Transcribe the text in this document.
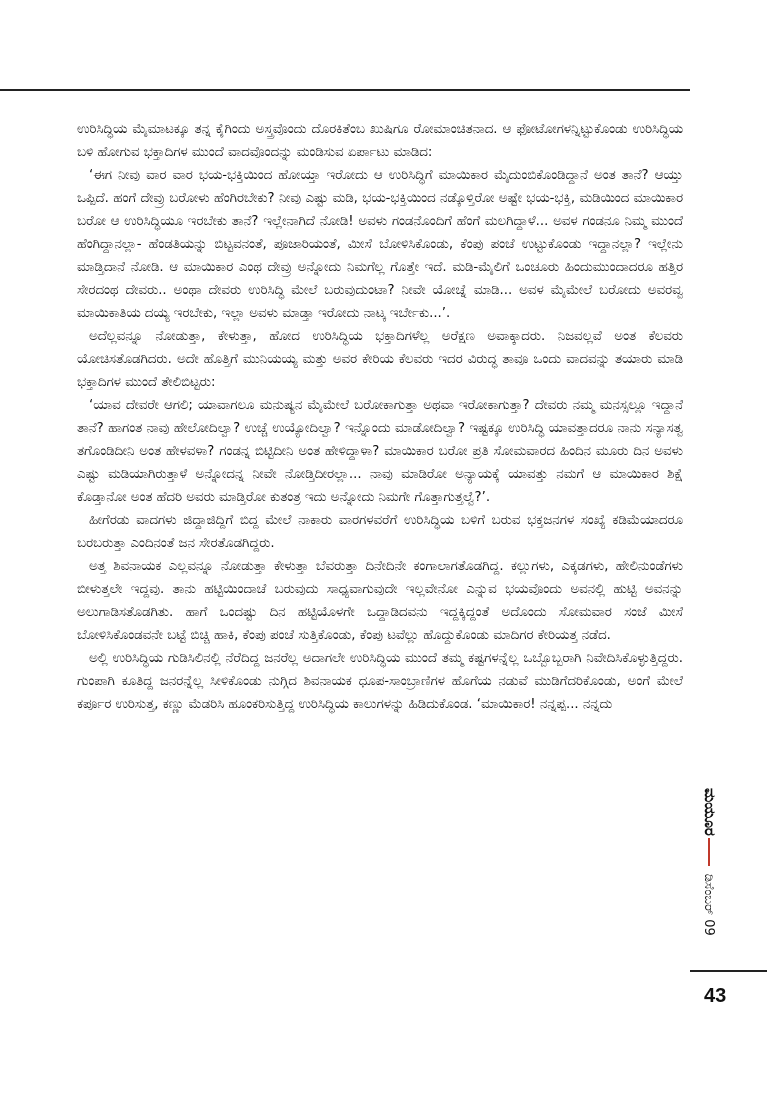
ಉರಿಸಿದ್ಧಿಯ ಮೈಮಾಟಕ್ಕೂ ತನ್ನ ಕೈಗಿಂದು ಅಸ್ತ್ರವೊಂದು ದೊರಕಿತೆಂಬ ಖುಷಿಗೂ ರೋಮಾಂಚಿತನಾದ. ಆ ಫೋಟೋಗಳನ್ನಿಟ್ಟುಕೊಂಡು ಉರಿಸಿದ್ಧಿಯ ಬಳಿ ಹೋಗುವ ಭಕ್ತಾದಿಗಳ ಮುಂದೆ ವಾದವೊಂದನ್ನು ಮಂಡಿಸುವ ಏರ್ಪಾಟು ಮಾಡಿದ:

‘ಈಗ ನೀವು ವಾರ ವಾರ ಭಯ-ಭಕ್ತಿಯಿಂದ ಹೋಯ್ತಾ ಇರೋದು ಆ ಉರಿಸಿದ್ಧಿಗೆ ಮಾಯಿಕಾರ ಮೈದುಂಬಿಕೊಂಡಿದ್ದಾನೆ ಅಂತ ತಾನೆ? ಆಯ್ತು ಒಪ್ಪಿದೆ. ಹಂಗೆ ದೇವ್ರು ಬರೋಳು ಹೆಂಗಿರಬೇಕು? ನೀವು ಎಷ್ಟು ಮಡಿ, ಭಯ-ಭಕ್ತಿಯಿಂದ ನಡ್ಕೊಳ್ತಿರೋ ಅಷ್ಟೇ ಭಯ-ಭಕ್ತಿ, ಮಡಿಯಿಂದ ಮಾಯಿಕಾರ ಬರೋ ಆ ಉರಿಸಿದ್ಧಿಯೂ ಇರಬೇಕು ತಾನೆ? ಇಲ್ಲೇನಾಗಿದೆ ನೋಡಿ! ಅವಳು ಗಂಡನೊಂದಿಗೆ ಹೆಂಗೆ ಮಲಗಿದ್ದಾಳೆ... ಅವಳ ಗಂಡನೂ ನಿಮ್ಮ ಮುಂದೆ ಹೆಂಗಿದ್ದಾನಲ್ಲಾ- ಹೆಂಡತಿಯನ್ನು ಬಿಟ್ಟವನಂತೆ, ಪೂಜಾರಿಯಂತೆ, ಮೀಸೆ ಬೋಳಿಸಿಕೊಂಡು, ಕೆಂಪು ಪಂಚೆ ಉಟ್ಟುಕೊಂಡು ಇದ್ದಾನಲ್ಲಾ? ಇಲ್ಲೇನು ಮಾಡ್ತಿದಾನೆ ನೋಡಿ. ಆ ಮಾಯಿಕಾರ ಎಂಥ ದೇವ್ರು ಅನ್ನೋದು ನಿಮಗೆಲ್ಲ ಗೊತ್ತೇ ಇದೆ. ಮಡಿ-ಮೈಲಿಗೆ ಒಂಚೂರು ಹಿಂದುಮುಂದಾದರೂ ಹತ್ತಿರ ಸೇರದಂಥ ದೇವರು.. ಅಂಥಾ ದೇವರು ಉರಿಸಿದ್ಧಿ ಮೇಲೆ ಬರುವುದುಂಟಾ? ನೀವೇ ಯೋಚ್ನೆ ಮಾಡಿ... ಅವಳ ಮೈಮೇಲೆ ಬರೋದು ಅವರವ್ವ ಮಾಯಿಕಾತಿಯ ದಯ್ಯ ಇರಬೇಕು, ಇಲ್ಲಾ ಅವಳು ಮಾಡ್ತಾ ಇರೋದು ನಾಟ್ಕ ಇರ್ಬೇಕು...’.

ಅದೆಲ್ಲವನ್ನೂ ನೋಡುತ್ತಾ, ಕೇಳುತ್ತಾ, ಹೋದ ಉರಿಸಿದ್ಧಿಯ ಭಕ್ತಾದಿಗಳೆಲ್ಲ ಅರೆಕ್ಷಣ ಅವಾಕ್ಕಾದರು. ನಿಜವಲ್ಲವೆ ಅಂತ ಕೆಲವರು ಯೋಚಿಸತೊಡಗಿದರು. ಅದೇ ಹೊತ್ತಿಗೆ ಮುನಿಯಯ್ಯ ಮತ್ತು ಅವರ ಕೇರಿಯ ಕೆಲವರು ಇದರ ವಿರುದ್ಧ ತಾವೂ ಒಂದು ವಾದವನ್ನು ತಯಾರು ಮಾಡಿ ಭಕ್ತಾದಿಗಳ ಮುಂದೆ ತೇಲಿಬಿಟ್ಟರು:

‘ಯಾವ ದೇವರೇ ಆಗಲಿ; ಯಾವಾಗಲೂ ಮನುಷ್ಯನ ಮೈಮೇಲೆ ಬರೋಕಾಗುತ್ತಾ ಅಥವಾ ಇರೋಕಾಗುತ್ತಾ? ದೇವರು ನಮ್ಮ ಮನಸ್ಸಲ್ಲೂ ಇದ್ದಾನೆ ತಾನೆ? ಹಾಗಂತ ನಾವು ಹೇಲೋದಿಲ್ವಾ? ಉಚ್ಚೆ ಉಯ್ಯೋದಿಲ್ವಾ? ಇನ್ನೊಂದು ಮಾಡೋದಿಲ್ವಾ? ಇಷ್ಟಕ್ಕೂ ಉರಿಸಿದ್ಧಿ ಯಾವತ್ತಾದರೂ ನಾನು ಸನ್ಯಾಸತ್ವ ತಗೊಂಡಿದೀನಿ ಅಂತ ಹೇಳವಳಾ? ಗಂಡನ್ನ ಬಿಟ್ಟಿದೀನಿ ಅಂತ ಹೇಳಿದ್ದಾಳಾ? ಮಾಯಿಕಾರ ಬರೋ ಪ್ರತಿ ಸೋಮವಾರದ ಹಿಂದಿನ ಮೂರು ದಿನ ಅವಳು ಎಷ್ಟು ಮಡಿಯಾಗಿರುತ್ತಾಳೆ ಅನ್ನೋದನ್ನ ನೀವೇ ನೋಡ್ತಿದೀರಲ್ಲಾ... ನಾವು ಮಾಡಿರೋ ಅನ್ಯಾಯಕ್ಕೆ ಯಾವತ್ತು ನಮಗೆ ಆ ಮಾಯಿಕಾರ ಶಿಕ್ಷೆ ಕೊಡ್ತಾನೋ ಅಂತ ಹೆದರಿ ಅವರು ಮಾಡ್ತಿರೋ ಕುತಂತ್ರ ಇದು ಅನ್ನೋದು ನಿಮಗೇ ಗೊತ್ತಾಗುತ್ತಲ್ವೆ?’.

ಹೀಗೆರಡು ವಾದಗಳು ಜಿದ್ದಾಜಿದ್ದಿಗೆ ಬಿದ್ದ ಮೇಲೆ ನಾಕಾರು ವಾರಗಳವರೆಗೆ ಉರಿಸಿದ್ಧಿಯ ಬಳಿಗೆ ಬರುವ ಭಕ್ತಜನಗಳ ಸಂಖ್ಯೆ ಕಡಿಮೆಯಾದರೂ ಬರಬರುತ್ತಾ ಎಂದಿನಂತೆ ಜನ ಸೇರತೊಡಗಿದ್ದರು.

ಅತ್ತ ಶಿವನಾಯಕ ಎಲ್ಲವನ್ನೂ ನೋಡುತ್ತಾ ಕೇಳುತ್ತಾ ಬೆವರುತ್ತಾ ದಿನೇದಿನೇ ಕಂಗಾಲಾಗತೊಡಗಿದ್ದ. ಕಲ್ಲುಗಳು, ಎಕ್ಕಡಗಳು, ಹೇಲಿನುಂಡೆಗಳು ಬೀಳುತ್ತಲೇ ಇದ್ದವು. ತಾನು ಹಟ್ಟಿಯಿಂದಾಚೆ ಬರುವುದು ಸಾಧ್ಯವಾಗುವುದೇ ಇಲ್ಲವೇನೋ ಎನ್ನುವ ಭಯವೊಂದು ಅವನಲ್ಲಿ ಹುಟ್ಟಿ ಅವನನ್ನು ಅಲುಗಾಡಿಸತೊಡಗಿತು. ಹಾಗೆ ಒಂದಷ್ಟು ದಿನ ಹಟ್ಟಿಯೊಳಗೇ ಒದ್ದಾಡಿದವನು ಇದ್ದಕ್ಕಿದ್ದಂತೆ ಅದೊಂದು ಸೋಮವಾರ ಸಂಜೆ ಮೀಸೆ ಬೋಳಿಸಿಕೊಂಡವನೇ ಬಟ್ಟೆ ಬಿಚ್ಚಿ ಹಾಕಿ, ಕೆಂಪು ಪಂಚೆ ಸುತ್ತಿಕೊಂಡು, ಕೆಂಪು ಟವೆಲ್ಲು ಹೊದ್ದುಕೊಂಡು ಮಾದಿಗರ ಕೇರಿಯತ್ತ ನಡೆದ.

ಅಲ್ಲಿ ಉರಿಸಿದ್ಧಿಯ ಗುಡಿಸಿಲಿನಲ್ಲಿ ನೆರೆದಿದ್ದ ಜನರೆಲ್ಲ ಅದಾಗಲೇ ಉರಿಸಿದ್ಧಿಯ ಮುಂದೆ ತಮ್ಮ ಕಷ್ಟಗಳನ್ನೆಲ್ಲ ಒಬ್ಬೊಬ್ಬರಾಗಿ ನಿವೇದಿಸಿಕೊಳ್ಳುತ್ತಿದ್ದರು. ಗುಂಪಾಗಿ ಕೂತಿದ್ದ ಜನರನ್ನೆಲ್ಲ ಸೀಳಿಕೊಂಡು ನುಗ್ಗಿದ ಶಿವನಾಯಕ ಧೂಪ-ಸಾಂಬ್ರಾಣಿಗಳ ಹೊಗೆಯ ನಡುವೆ ಮುಡಿಗೆದರಿಕೊಂಡು, ಅಂಗೆ ಮೇಲೆ ಕರ್ಪೂರ ಉರಿಸುತ್ತ, ಕಣ್ಣು ಮೆಡರಿಸಿ ಹೂಂಕರಿಸುತ್ತಿದ್ದ ಉರಿಸಿದ್ಧಿಯ ಕಾಲುಗಳನ್ನು ಹಿಡಿದುಕೊಂಡ. ‘ಮಾಯಿಕಾರ! ನನ್ನಪ್ಪ... ನನ್ನದು

ಮಯೂರಡಿಸೆಂಬರ್ 09
43
